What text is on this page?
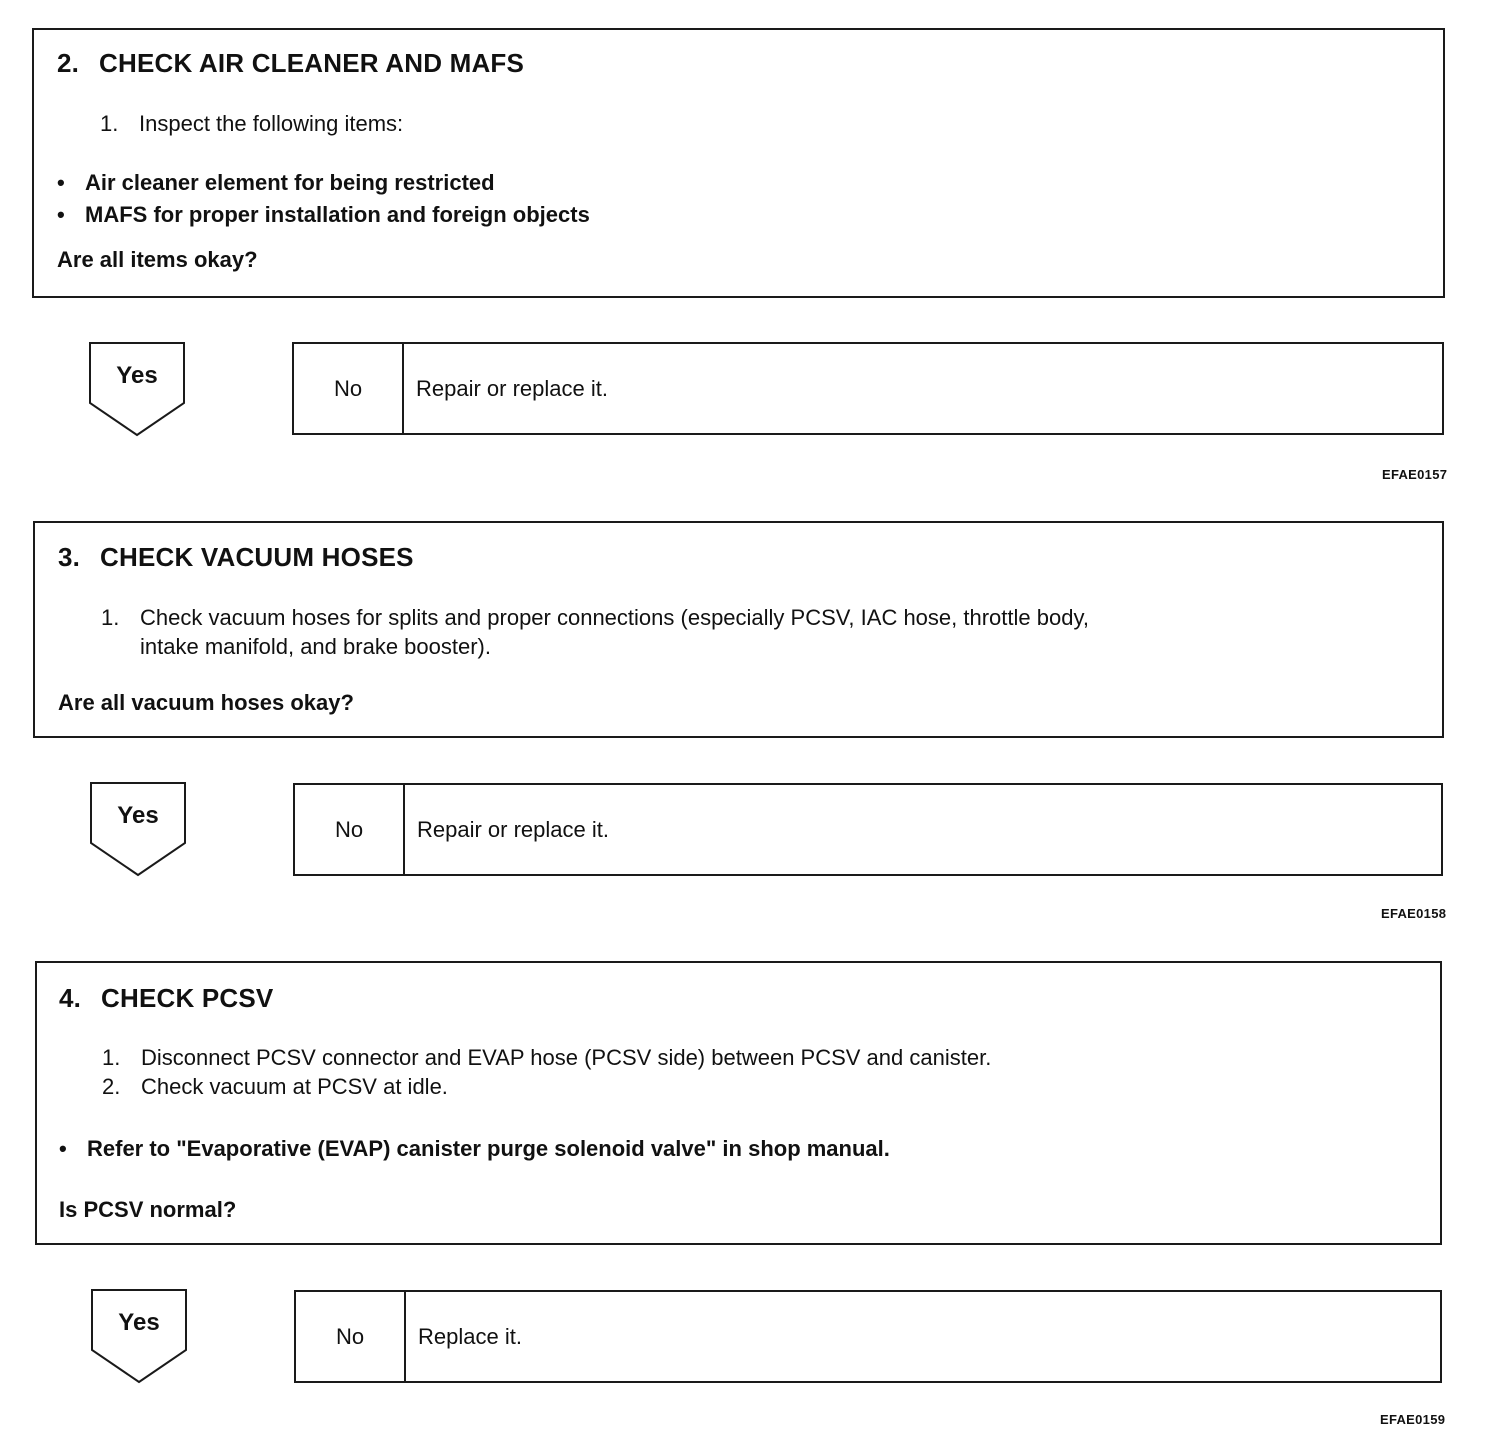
2. CHECK AIR CLEANER AND MAFS
1. Inspect the following items:
• Air cleaner element for being restricted
• MAFS for proper installation and foreign objects
Are all items okay?
Yes	No	Repair or replace it.
EFAE0157
3. CHECK VACUUM HOSES
1. Check vacuum hoses for splits and proper connections (especially PCSV, IAC hose, throttle body,
intake manifold, and brake booster).
Are all vacuum hoses okay?
Yes	No	Repair or replace it.
EFAE0158
4. CHECK PCSV
1. Disconnect PCSV connector and EVAP hose (PCSV side) between PCSV and canister.
2. Check vacuum at PCSV at idle.
• Refer to "Evaporative (EVAP) canister purge solenoid valve" in shop manual.
Is PCSV normal?
Yes	No	Replace it.
EFAE0159
